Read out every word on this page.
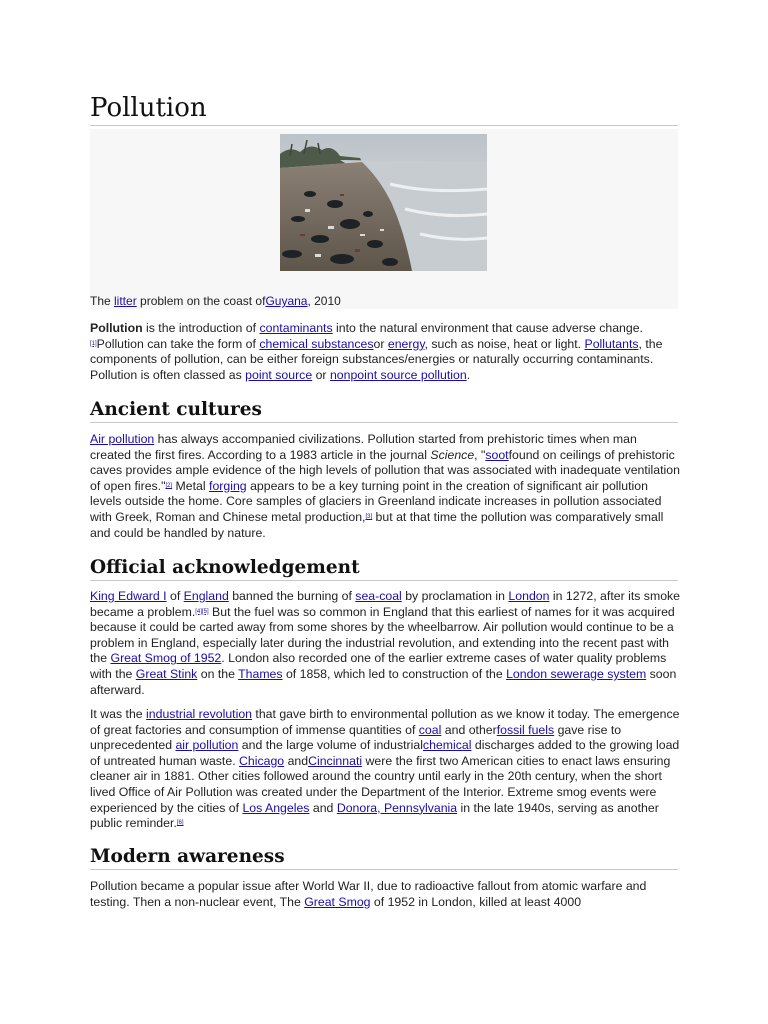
Pollution
The litter problem on the coast ofGuyana, 2010

Pollution is the introduction of contaminants into the natural environment that cause adverse change.[1]Pollution can take the form of chemical substancesor energy, such as noise, heat or light. Pollutants, the components of pollution, can be either foreign substances/energies or naturally occurring contaminants. Pollution is often classed as point source or nonpoint source pollution.

Ancient cultures

Air pollution has always accompanied civilizations. Pollution started from prehistoric times when man created the first fires. According to a 1983 article in the journal Science, "sootfound on ceilings of prehistoric caves provides ample evidence of the high levels of pollution that was associated with inadequate ventilation of open fires."[2] Metal forging appears to be a key turning point in the creation of significant air pollution levels outside the home. Core samples of glaciers in Greenland indicate increases in pollution associated with Greek, Roman and Chinese metal production,[3] but at that time the pollution was comparatively small and could be handled by nature.

Official acknowledgement

King Edward I of England banned the burning of sea-coal by proclamation in London in 1272, after its smoke became a problem.[4][5] But the fuel was so common in England that this earliest of names for it was acquired because it could be carted away from some shores by the wheelbarrow. Air pollution would continue to be a problem in England, especially later during the industrial revolution, and extending into the recent past with the Great Smog of 1952. London also recorded one of the earlier extreme cases of water quality problems with the Great Stink on the Thames of 1858, which led to construction of the London sewerage system soon afterward.

It was the industrial revolution that gave birth to environmental pollution as we know it today. The emergence of great factories and consumption of immense quantities of coal and otherfossil fuels gave rise to unprecedented air pollution and the large volume of industrialchemical discharges added to the growing load of untreated human waste. Chicago andCincinnati were the first two American cities to enact laws ensuring cleaner air in 1881. Other cities followed around the country until early in the 20th century, when the short lived Office of Air Pollution was created under the Department of the Interior. Extreme smog events were experienced by the cities of Los Angeles and Donora, Pennsylvania in the late 1940s, serving as another public reminder.[6]

Modern awareness

Pollution became a popular issue after World War II, due to radioactive fallout from atomic warfare and testing. Then a non-nuclear event, The Great Smog of 1952 in London, killed at least 4000
